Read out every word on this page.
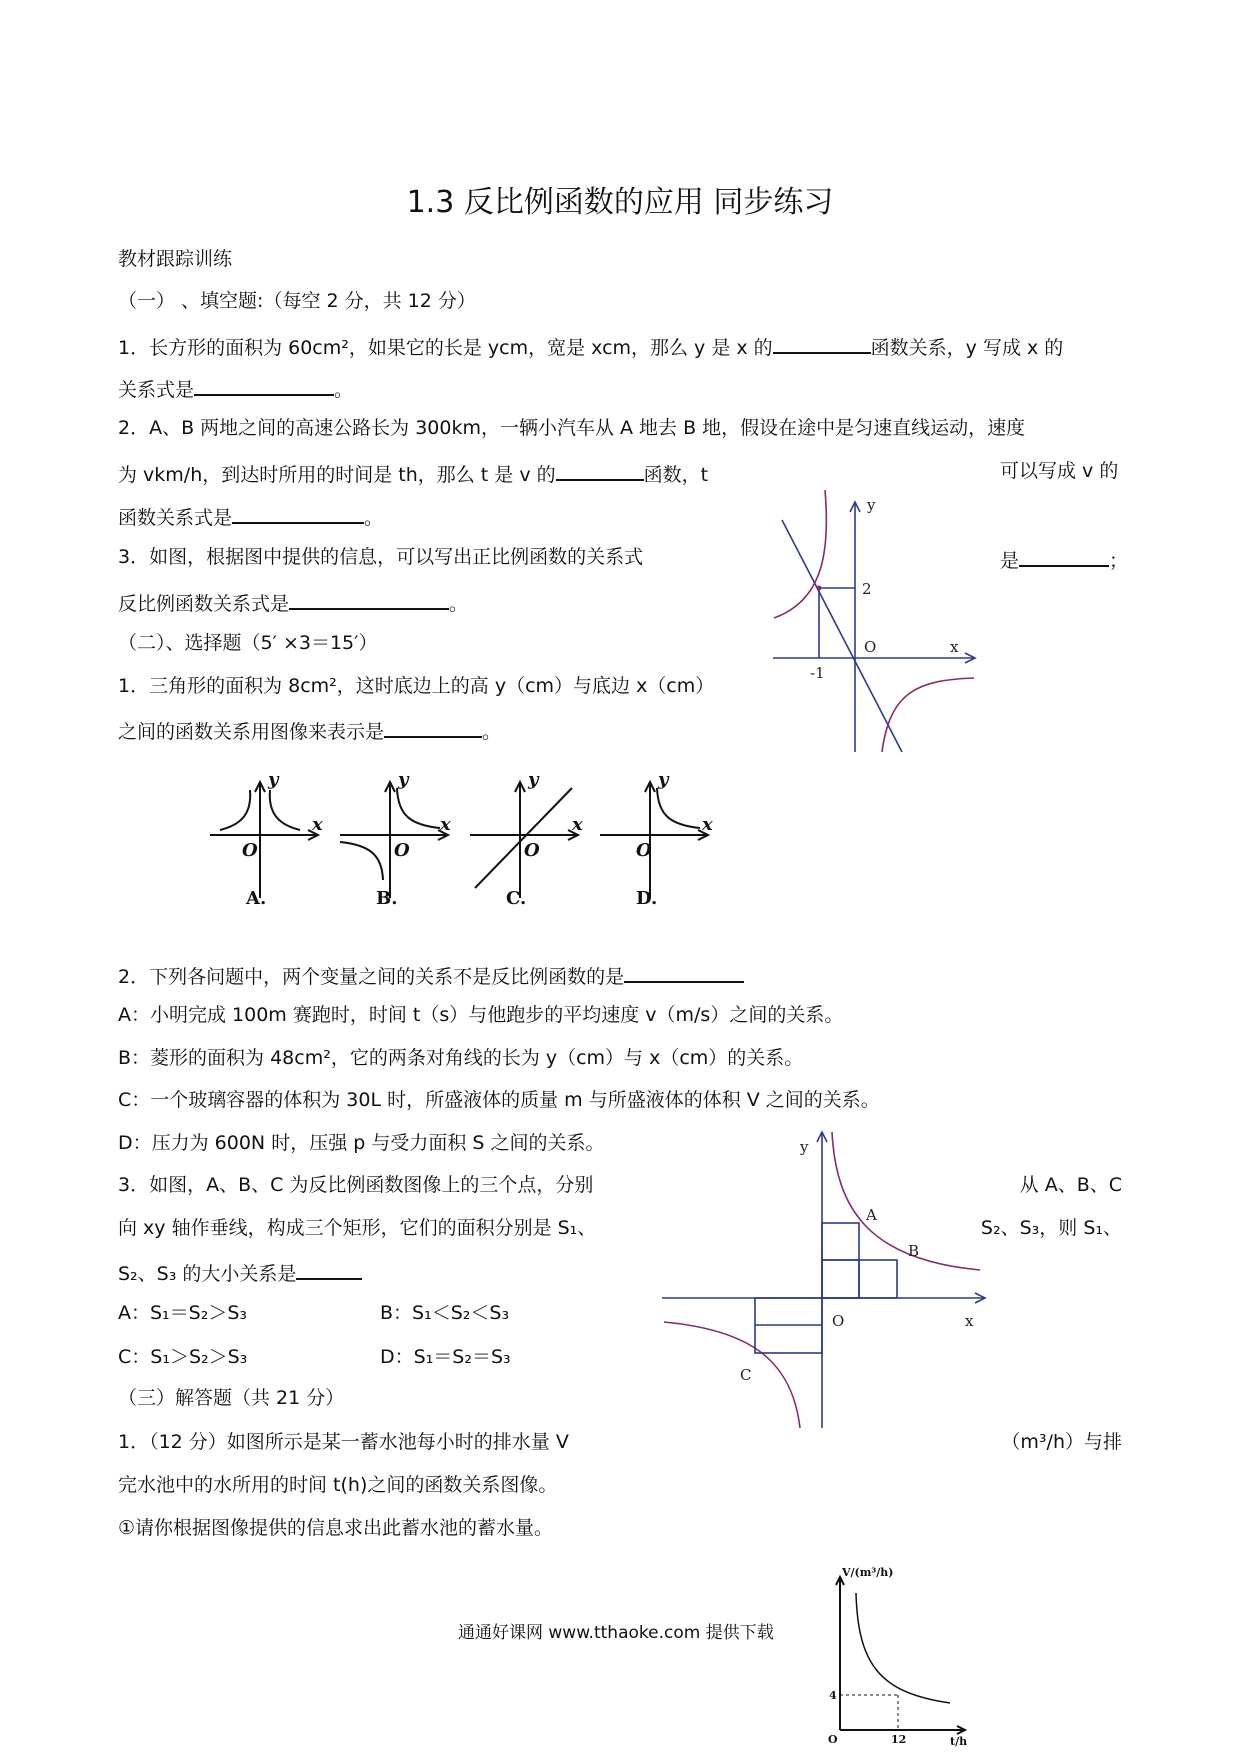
1.3 反比例函数的应用 同步练习
教材跟踪训练
（一） 、填空题:（每空 2 分，共 12 分）
1．长方形的面积为 60cm²，如果它的长是 ycm，宽是 xcm，那么 y 是 x 的	函数关系，y 写成 x 的
关系式是	。
2．A、B 两地之间的高速公路长为 300km，一辆小汽车从 A 地去 B 地，假设在途中是匀速直线运动，速度
为 vkm/h，到达时所用的时间是 th，那么 t 是 v 的	函数，t	可以写成 v 的
函数关系式是	。
3．如图，根据图中提供的信息，可以写出正比例函数的关系式	是	；
反比例函数关系式是	。
y
x
2
O
-1
（二）、选择题（5′ ×3＝15′）
1．三角形的面积为 8cm²，这时底边上的高 y（cm）与底边 x（cm）
之间的函数关系用图像来表示是	。
y
x
O
A.
y
x
O
B.
y
x
O
C.
y
x
O
D.
2．下列各问题中，两个变量之间的关系不是反比例函数的是
A：小明完成 100m 赛跑时，时间 t（s）与他跑步的平均速度 v（m/s）之间的关系。
B：菱形的面积为 48cm²，它的两条对角线的长为 y（cm）与 x（cm）的关系。
C：一个玻璃容器的体积为 30L 时，所盛液体的质量 m 与所盛液体的体积 V 之间的关系。
D：压力为 600N 时，压强 p 与受力面积 S 之间的关系。
3．如图，A、B、C 为反比例函数图像上的三个点，分别	从 A、B、C
向 xy 轴作垂线，构成三个矩形，它们的面积分别是 S₁、	S₂、S₃，则 S₁、
S₂、S₃ 的大小关系是
A：S₁＝S₂＞S₃	B：S₁＜S₂＜S₃
C：S₁＞S₂＞S₃	D：S₁＝S₂＝S₃
y
x
O
A
B
C
（三）解答题（共 21 分）
1．（12 分）如图所示是某一蓄水池每小时的排水量 V	（m³/h）与排
完水池中的水所用的时间 t(h)之间的函数关系图像。
①请你根据图像提供的信息求出此蓄水池的蓄水量。
V/(m³/h)
4
O	12	t/h
通通好课网 www.tthaoke.com 提供下载
